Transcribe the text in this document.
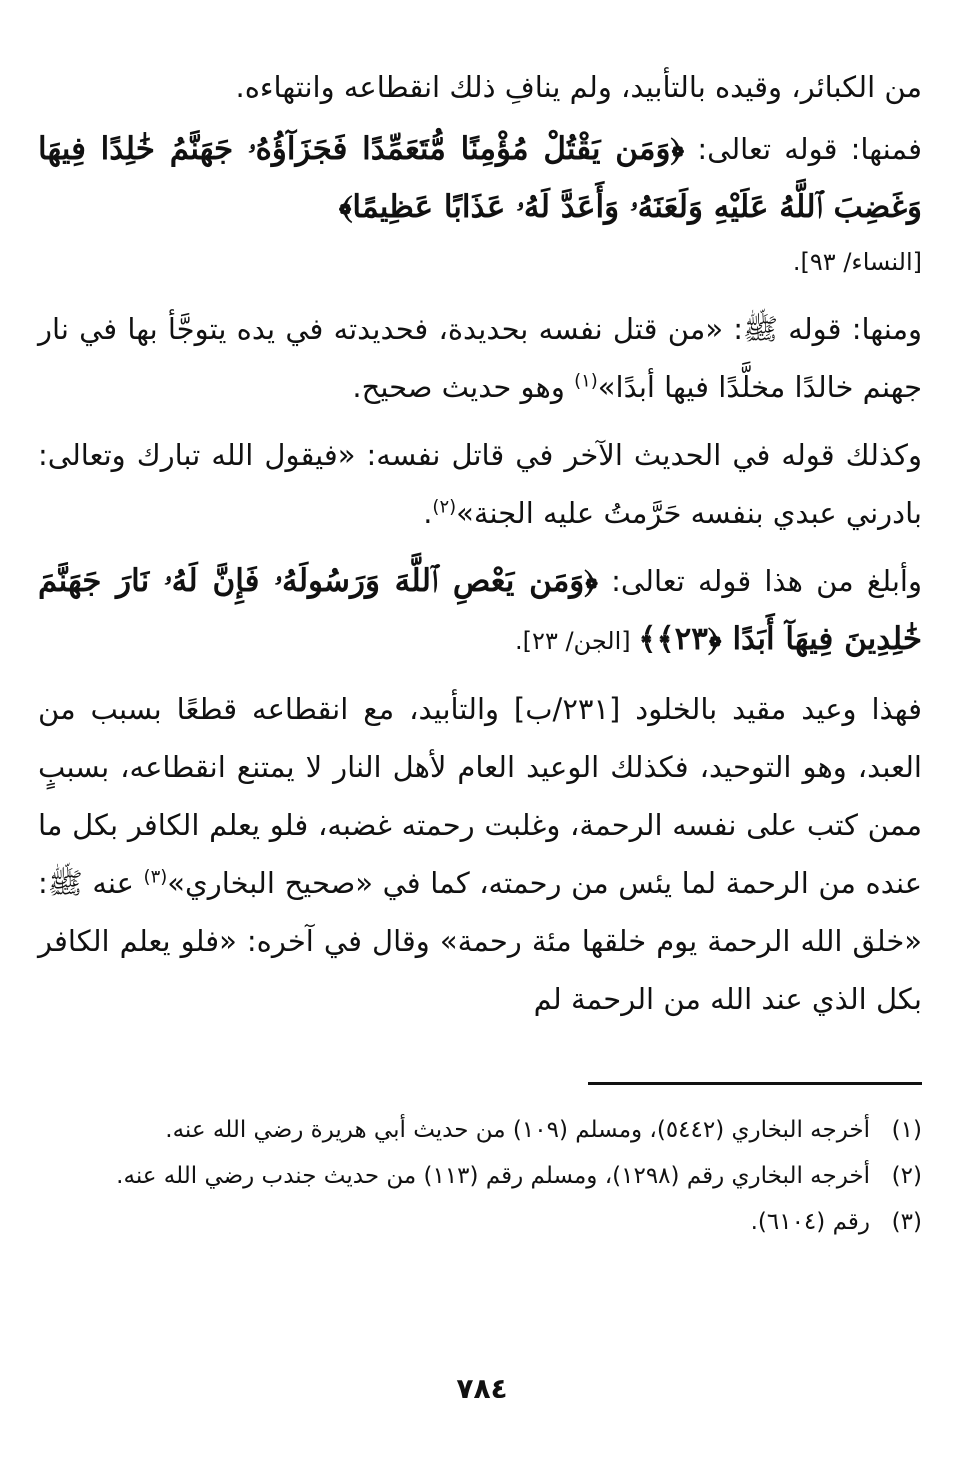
من الكبائر، وقيده بالتأبيد، ولم ينافِ ذلك انقطاعه وانتهاءه.

فمنها: قوله تعالى: ﴿وَمَن يَقْتُلْ مُؤْمِنًا مُّتَعَمِّدًا فَجَزَآؤُهُۥ جَهَنَّمُ خَٰلِدًا فِيهَا وَغَضِبَ ٱللَّهُ عَلَيْهِ وَلَعَنَهُۥ وَأَعَدَّ لَهُۥ عَذَابًا عَظِيمًا﴾

[النساء/ ٩٣].

ومنها: قوله ﷺ: «من قتل نفسه بحديدة، فحديدته في يده يتوجَّأ بها في نار جهنم خالدًا مخلَّدًا فيها أبدًا»$^{(١)}$ وهو حديث صحيح.

وكذلك قوله في الحديث الآخر في قاتل نفسه: «فيقول الله تبارك وتعالى: بادرني عبدي بنفسه حَرَّمتُ عليه الجنة»$^{(٢)}$.

وأبلغ من هذا قوله تعالى: ﴿وَمَن يَعْصِ ٱللَّهَ وَرَسُولَهُۥ فَإِنَّ لَهُۥ نَارَ جَهَنَّمَ خَٰلِدِينَ فِيهَآ أَبَدًا ﴿٢٣﴾﴾ [الجن/ ٢٣].

فهذا وعيد مقيد بالخلود [٢٣١/ب] والتأبيد، مع انقطاعه قطعًا بسبب من العبد، وهو التوحيد، فكذلك الوعيد العام لأهل النار لا يمتنع انقطاعه، بسببٍ ممن كتب على نفسه الرحمة، وغلبت رحمته غضبه، فلو يعلم الكافر بكل ما عنده من الرحمة لما يئس من رحمته، كما في «صحيح البخاري»$^{(٣)}$ عنه ﷺ: «خلق الله الرحمة يوم خلقها مئة رحمة» وقال في آخره: «فلو يعلم الكافر بكل الذي عند الله من الرحمة لم

(١)
أخرجه البخاري (٥٤٤٢)، ومسلم (١٠٩) من حديث أبي هريرة رضي الله عنه.
(٢)
أخرجه البخاري رقم (١٢٩٨)، ومسلم رقم (١١٣) من حديث جندب رضي الله عنه.
(٣)
رقم (٦١٠٤).
٧٨٤
